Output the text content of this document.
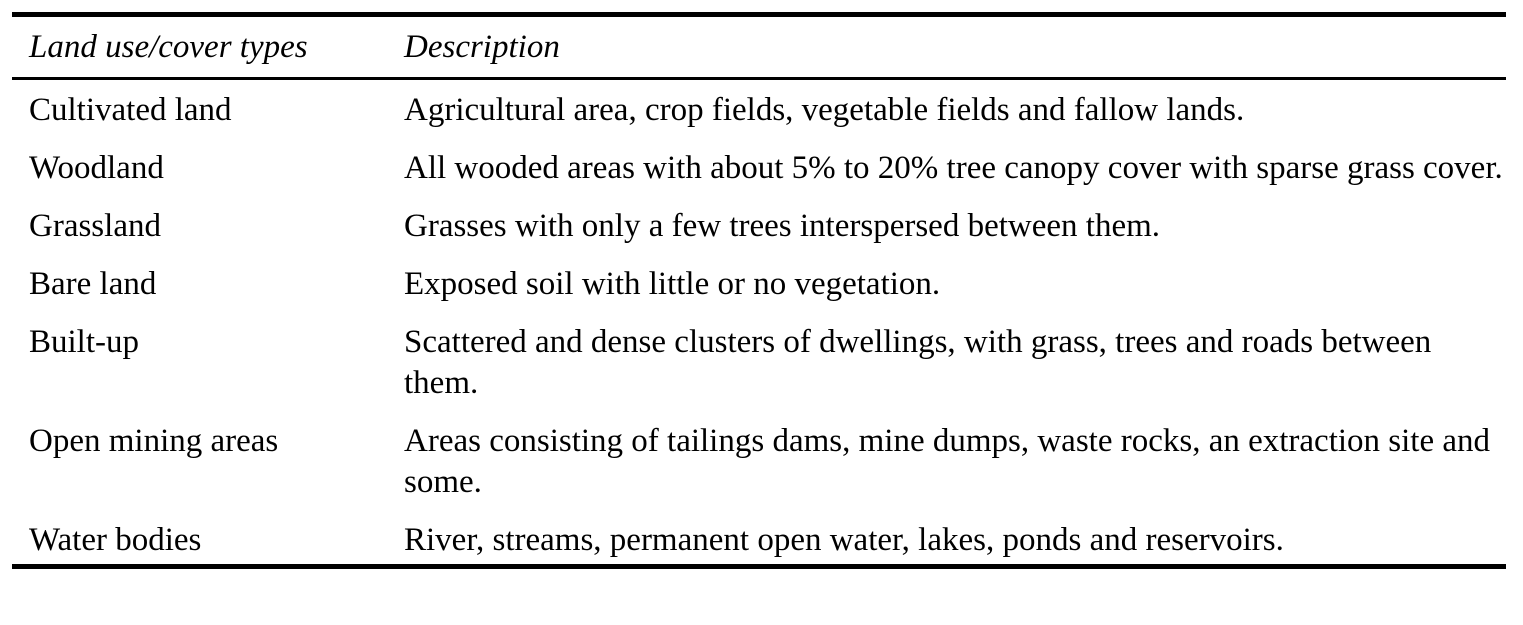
Land use/cover types	Description
Cultivated land	Agricultural area, crop fields, vegetable fields and fallow lands.
Woodland	All wooded areas with about 5% to 20% tree canopy cover with sparse grass cover.
Grassland	Grasses with only a few trees interspersed between them.
Bare land	Exposed soil with little or no vegetation.
Built-up	Scattered and dense clusters of dwellings, with grass, trees and roads between them.
Open mining areas	Areas consisting of tailings dams, mine dumps, waste rocks, an extraction site and some.
Water bodies	River, streams, permanent open water, lakes, ponds and reservoirs.
